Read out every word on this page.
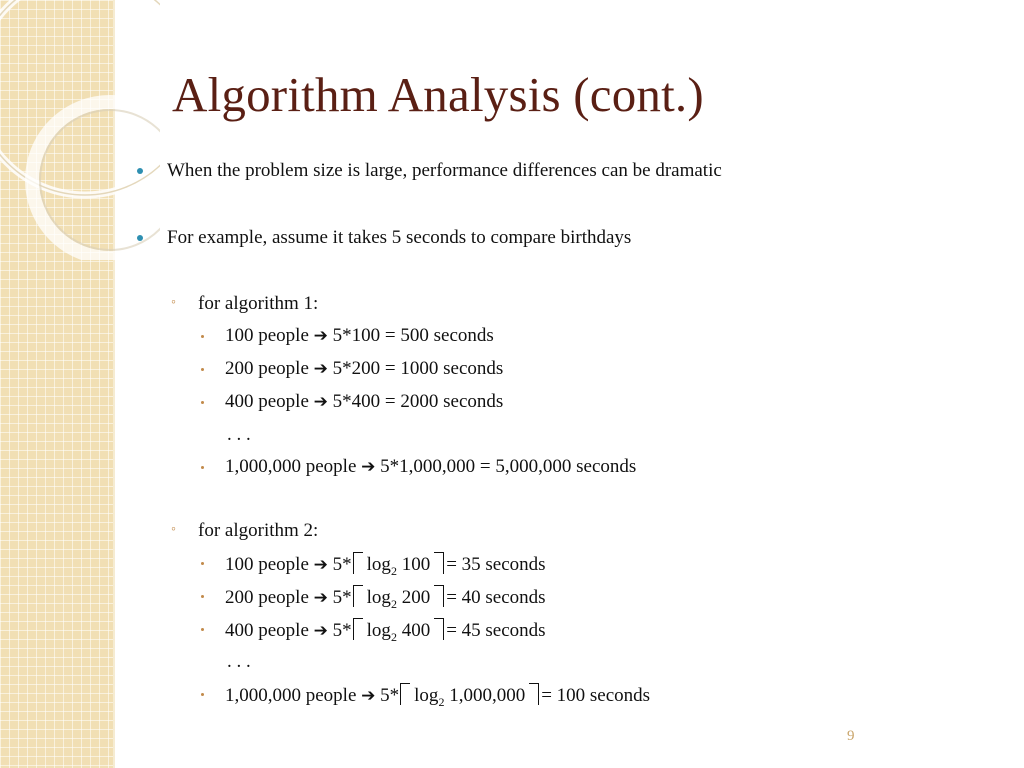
Algorithm Analysis (cont.)
When the problem size is large, performance differences can be dramatic
For example, assume it takes 5 seconds to compare birthdays
◦ for algorithm 1:
100 people ➔ 5*100 = 500 seconds
200 people ➔ 5*200 = 1000 seconds
400 people ➔ 5*400 = 2000 seconds
. . .
1,000,000 people ➔ 5*1,000,000 = 5,000,000 seconds
◦ for algorithm 2:
100 people ➔ 5* $\log_2 100 = 35$ seconds
200 people ➔ 5* $\log_2 200 = 40$ seconds
400 people ➔ 5* $\log_2 400 = 45$ seconds
. . .
1,000,000 people ➔ 5* $\log_2 1,000,000 = 100$ seconds
9
